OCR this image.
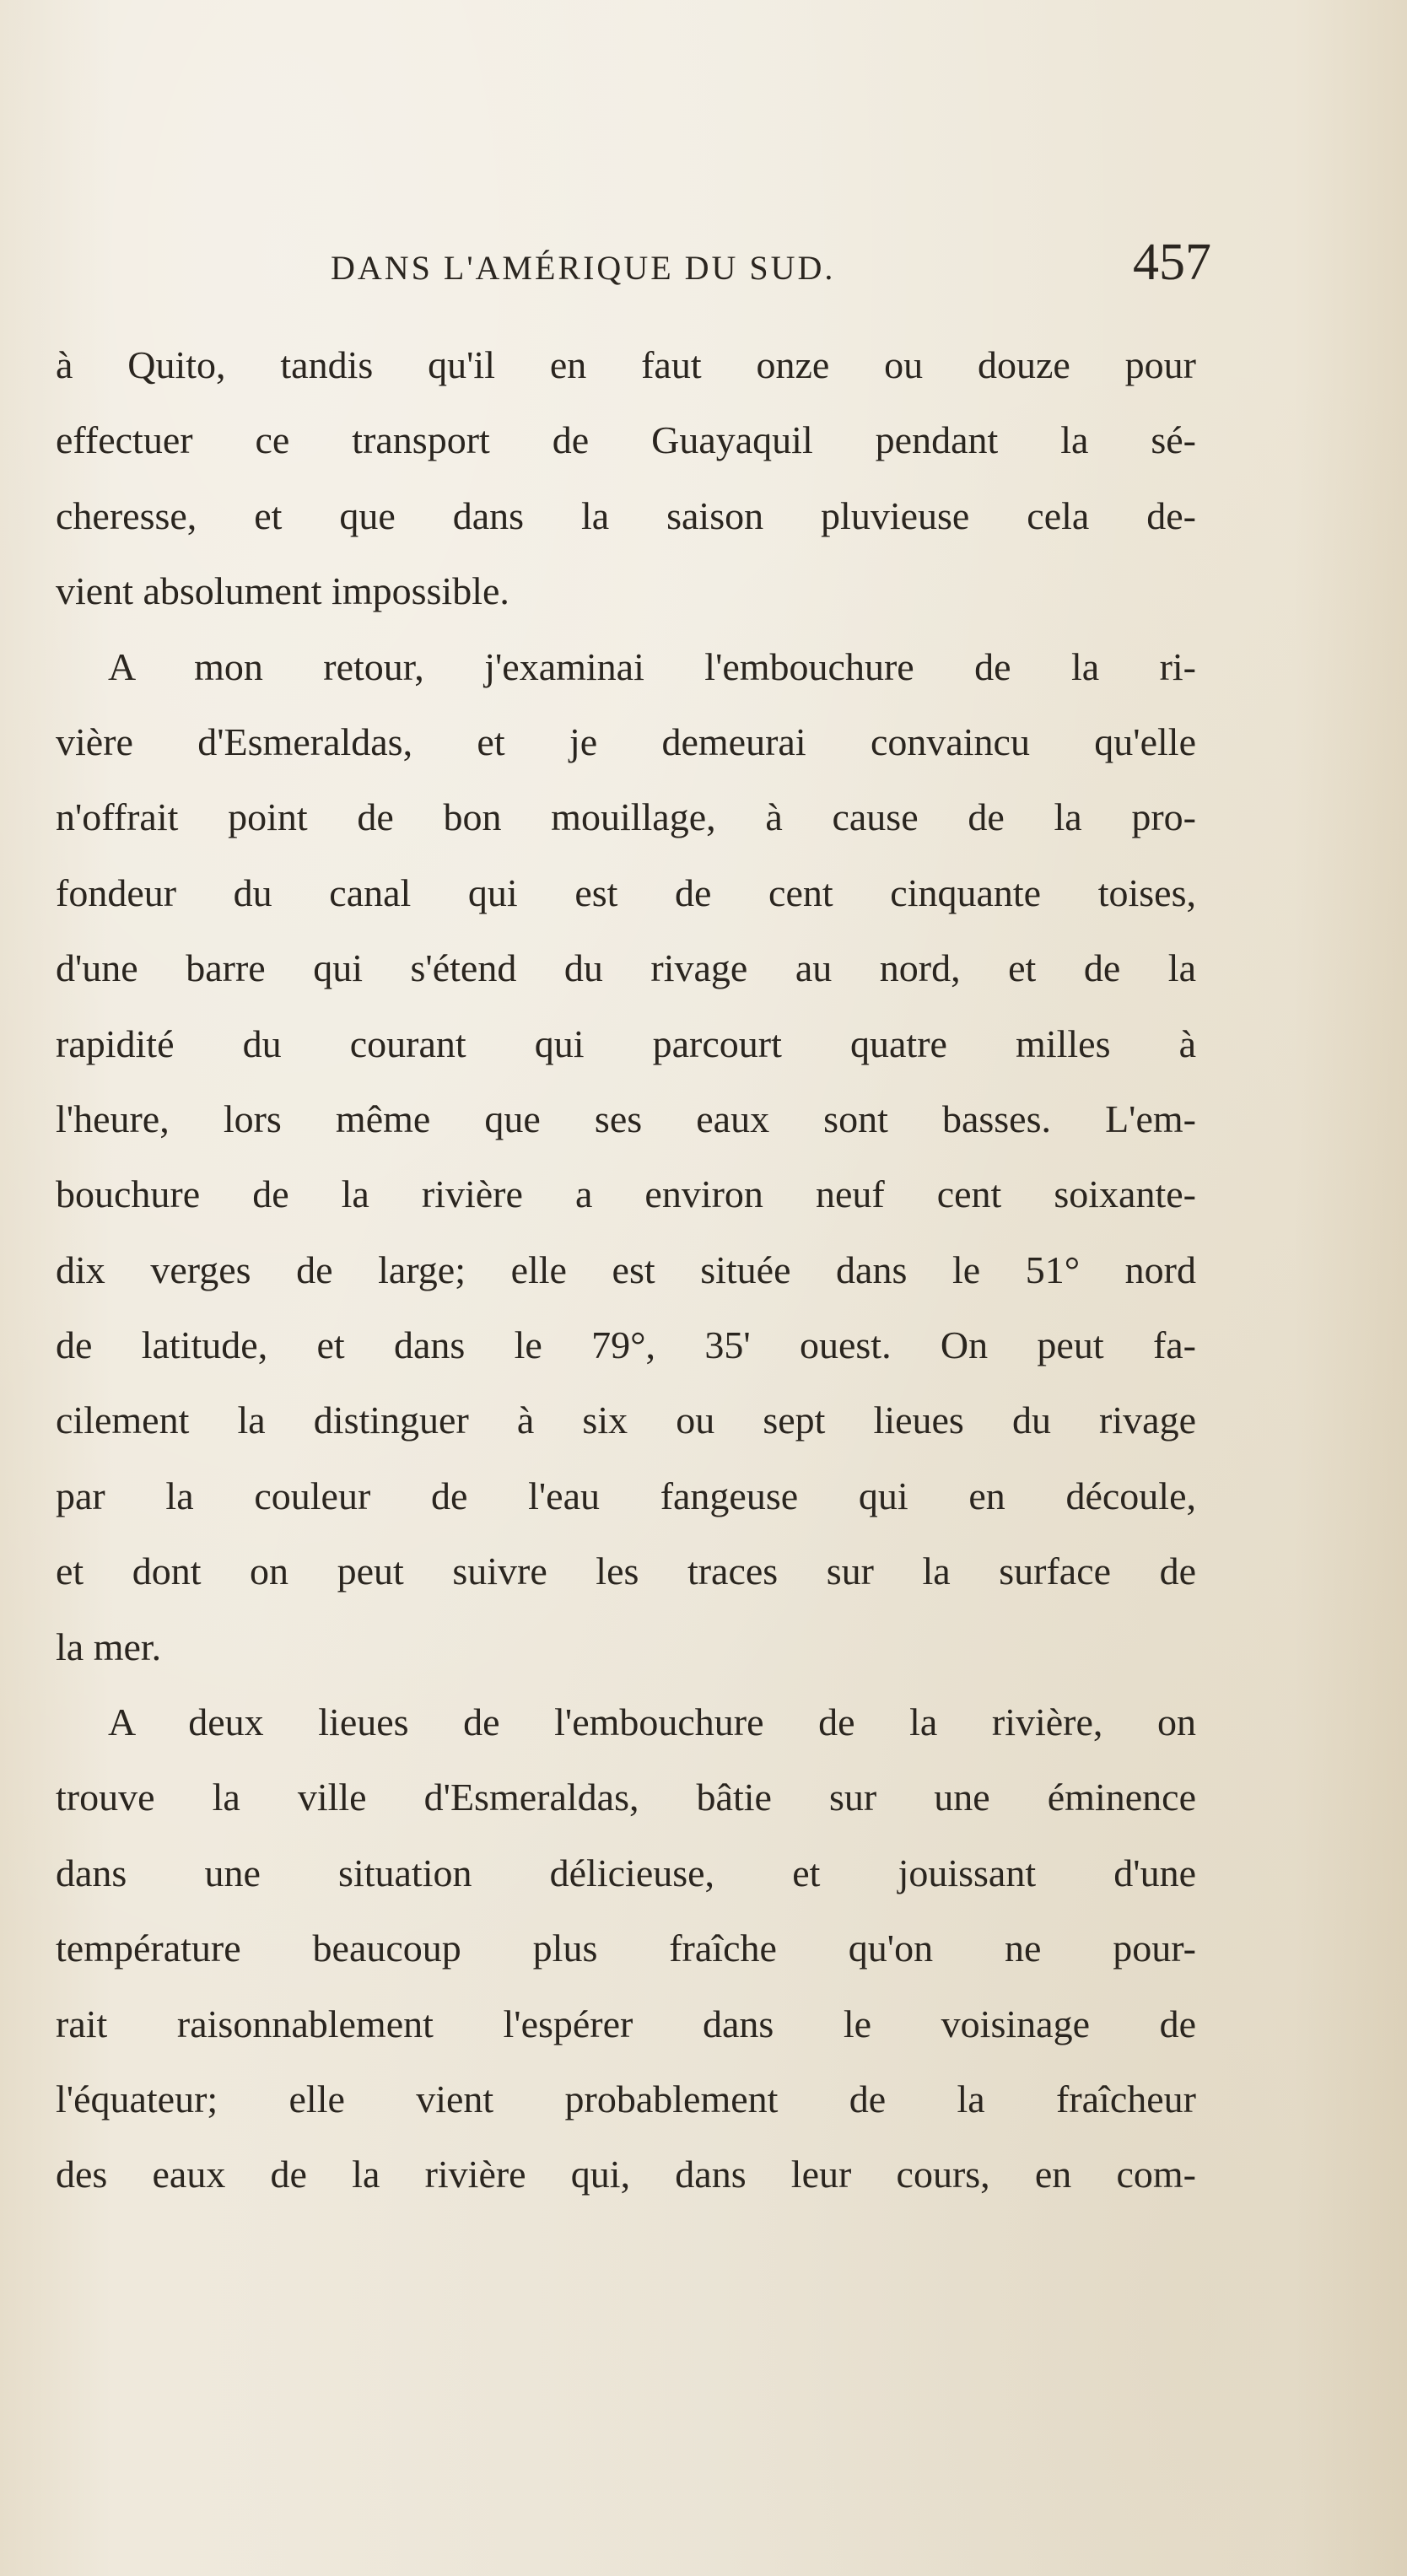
DANS L'AMÉRIQUE DU SUD.	457
à Quito, tandis qu'il en faut onze ou douze pour
effectuer ce transport de Guayaquil pendant la sé-
cheresse, et que dans la saison pluvieuse cela de-
vient absolument impossible.
A mon retour, j'examinai l'embouchure de la ri-
vière d'Esmeraldas, et je demeurai convaincu qu'elle
n'offrait point de bon mouillage, à cause de la pro-
fondeur du canal qui est de cent cinquante toises,
d'une barre qui s'étend du rivage au nord, et de la
rapidité du courant qui parcourt quatre milles à
l'heure, lors même que ses eaux sont basses. L'em-
bouchure de la rivière a environ neuf cent soixante-
dix verges de large; elle est située dans le 51° nord
de latitude, et dans le 79°, 35' ouest. On peut fa-
cilement la distinguer à six ou sept lieues du rivage
par la couleur de l'eau fangeuse qui en découle,
et dont on peut suivre les traces sur la surface de
la mer.
A deux lieues de l'embouchure de la rivière, on
trouve la ville d'Esmeraldas, bâtie sur une éminence
dans une situation délicieuse, et jouissant d'une
température beaucoup plus fraîche qu'on ne pour-
rait raisonnablement l'espérer dans le voisinage de
l'équateur; elle vient probablement de la fraîcheur
des eaux de la rivière qui, dans leur cours, en com-
